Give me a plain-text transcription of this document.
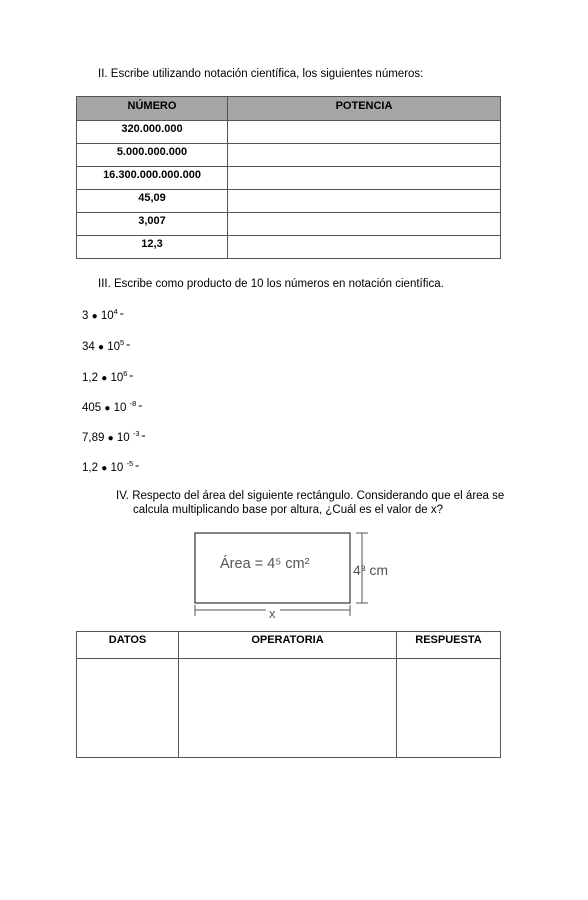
II. Escribe utilizando notación científica, los siguientes números:
NÚMERO	POTENCIA
320.000.000	
5.000.000.000	
16.300.000.000.000	
45,09	
3,007	
12,3	
III. Escribe como producto de 10 los números en notación científica.
3 ● $10^4$ =
34 ● $10^5$ =
1,2 ● $10^6$ =
405 ● 10 $^{-8}$ =
7,89 ● 10 $^{-3}$ =
1,2 ● 10 $^{-5}$ =
IV. Respecto del área del siguiente rectángulo. Considerando que el área se
calcula multiplicando base por altura, ¿Cuál es el valor de x?
Área = 4⁵ cm²	4³ cm
x
DATOS	OPERATORIA	RESPUESTA
